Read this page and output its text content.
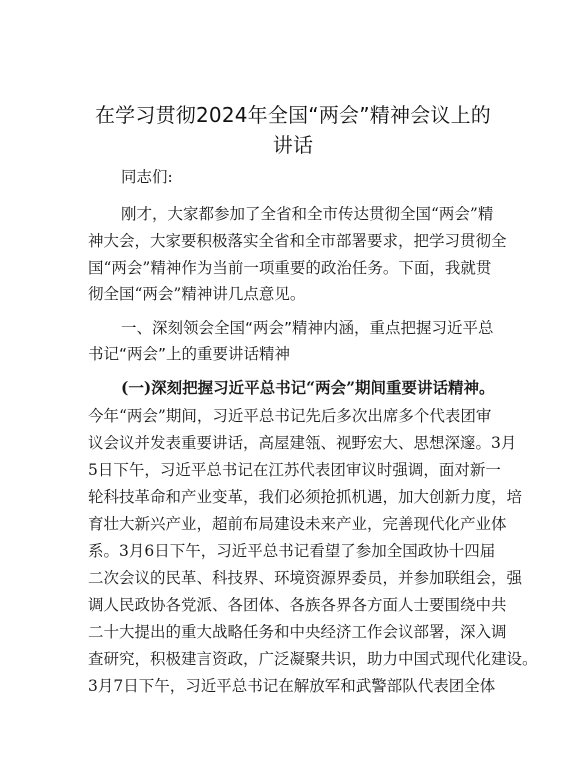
在学习贯彻2024年全国“两会”精神会议上的
讲话
同志们:
刚才，大家都参加了全省和全市传达贯彻全国“两会”精
神大会，大家要积极落实全省和全市部署要求，把学习贯彻全
国“两会”精神作为当前一项重要的政治任务。下面，我就贯
彻全国“两会”精神讲几点意见。
一、深刻领会全国“两会”精神内涵，重点把握习近平总
书记“两会”上的重要讲话精神
(一)深刻把握习近平总书记“两会”期间重要讲话精神。
今年“两会”期间，习近平总书记先后多次出席多个代表团审
议会议并发表重要讲话，高屋建瓴、视野宏大、思想深邃。3月
5日下午，习近平总书记在江苏代表团审议时强调，面对新一
轮科技革命和产业变革，我们必须抢抓机遇，加大创新力度，培
育壮大新兴产业，超前布局建设未来产业，完善现代化产业体
系。3月6日下午，习近平总书记看望了参加全国政协十四届
二次会议的民革、科技界、环境资源界委员，并参加联组会，强
调人民政协各党派、各团体、各族各界各方面人士要围绕中共
二十大提出的重大战略任务和中央经济工作会议部署，深入调
查研究，积极建言资政，广泛凝聚共识，助力中国式现代化建设。
3月7日下午，习近平总书记在解放军和武警部队代表团全体
